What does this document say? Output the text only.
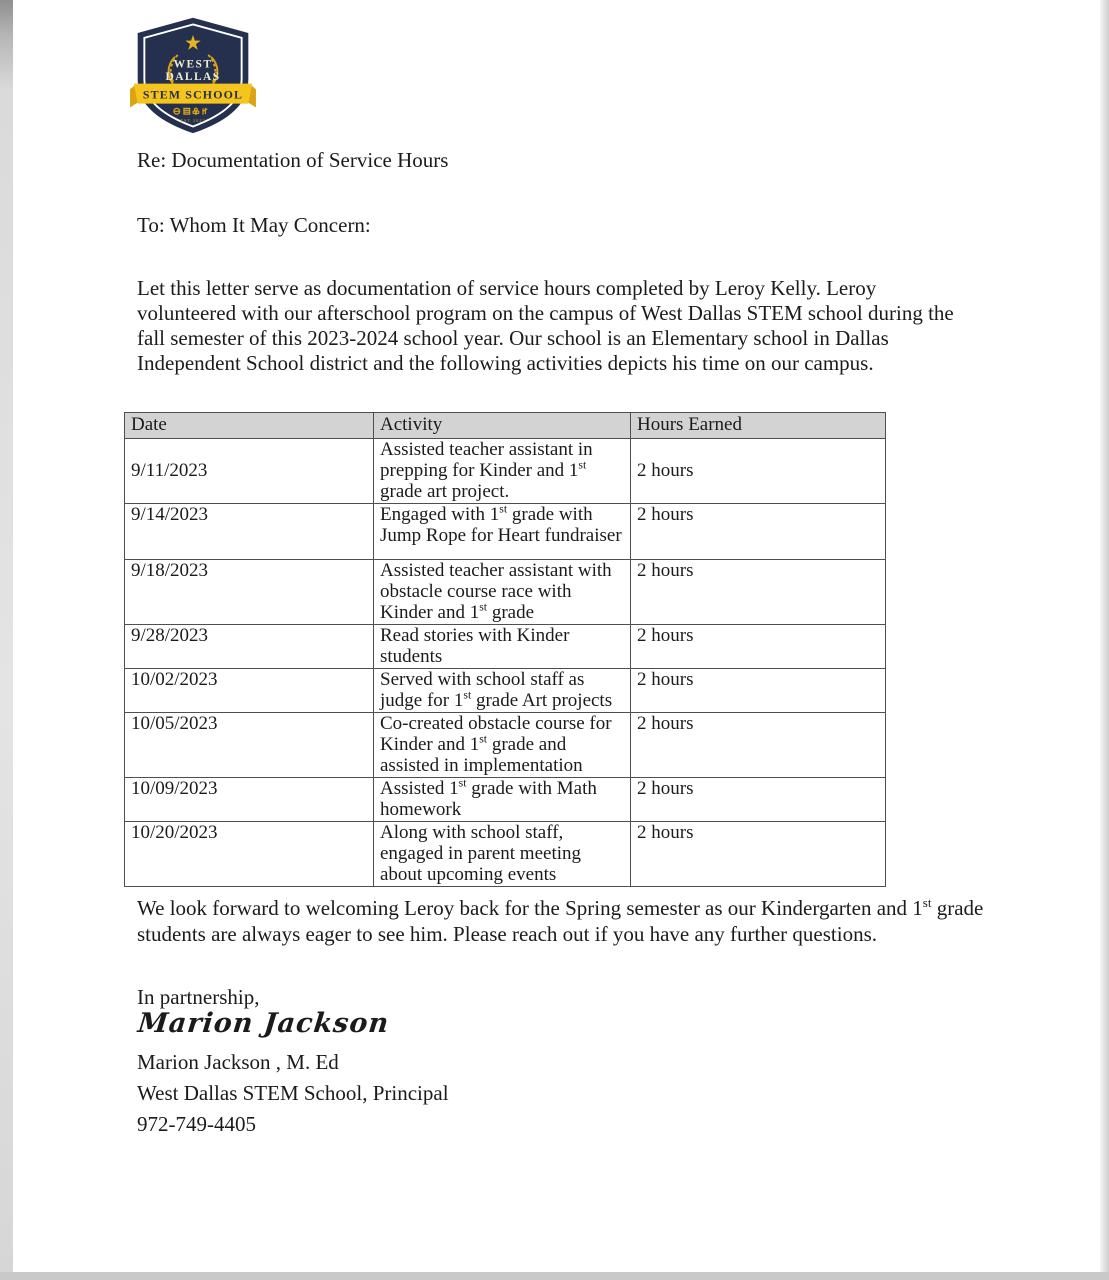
WEST
DALLAS
STEM SCHOOL
EST 2023
Re: Documentation of Service Hours
To: Whom It May Concern:
Let this letter serve as documentation of service hours completed by Leroy Kelly. Leroy volunteered with our afterschool program on the campus of West Dallas STEM school during the fall semester of this 2023-2024 school year. Our school is an Elementary school in Dallas Independent School district and the following activities depicts his time on our campus.
Date	Activity	Hours Earned
9/11/2023	Assisted teacher assistant in prepping for Kinder and 1st grade art project.	2 hours
9/14/2023	Engaged with 1st grade with Jump Rope for Heart fundraiser	2 hours
9/18/2023	Assisted teacher assistant with obstacle course race with Kinder and 1st grade	2 hours
9/28/2023	Read stories with Kinder students	2 hours
10/02/2023	Served with school staff as judge for 1st grade Art projects	2 hours
10/05/2023	Co-created obstacle course for Kinder and 1st grade and assisted in implementation	2 hours
10/09/2023	Assisted 1st grade with Math homework	2 hours
10/20/2023	Along with school staff, engaged in parent meeting about upcoming events	2 hours
We look forward to welcoming Leroy back for the Spring semester as our Kindergarten and 1st grade students are always eager to see him. Please reach out if you have any further questions.
In partnership,
Marion Jackson
Marion Jackson , M. Ed
West Dallas STEM School, Principal
972-749-4405
